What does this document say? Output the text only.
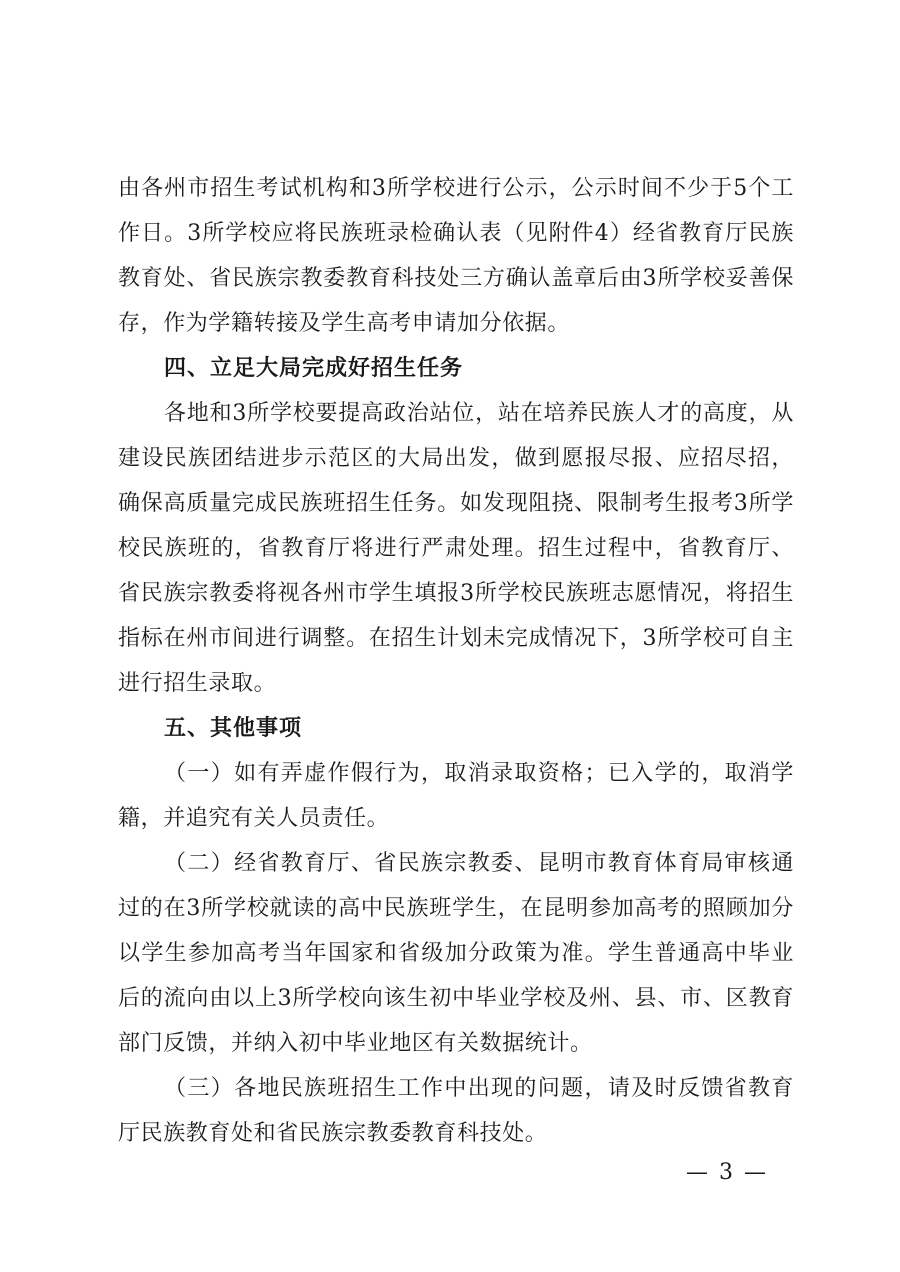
由各州市招生考试机构和3所学校进行公示，公示时间不少于5个工作日。3所学校应将民族班录检确认表（见附件4）经省教育厅民族教育处、省民族宗教委教育科技处三方确认盖章后由3所学校妥善保存，作为学籍转接及学生高考申请加分依据。

四、立足大局完成好招生任务

各地和3所学校要提高政治站位，站在培养民族人才的高度，从建设民族团结进步示范区的大局出发，做到愿报尽报、应招尽招，确保高质量完成民族班招生任务。如发现阻挠、限制考生报考3所学校民族班的，省教育厅将进行严肃处理。招生过程中，省教育厅、省民族宗教委将视各州市学生填报3所学校民族班志愿情况，将招生指标在州市间进行调整。在招生计划未完成情况下，3所学校可自主进行招生录取。

五、其他事项

（一）如有弄虚作假行为，取消录取资格；已入学的，取消学籍，并追究有关人员责任。

（二）经省教育厅、省民族宗教委、昆明市教育体育局审核通过的在3所学校就读的高中民族班学生，在昆明参加高考的照顾加分以学生参加高考当年国家和省级加分政策为准。学生普通高中毕业后的流向由以上3所学校向该生初中毕业学校及州、县、市、区教育部门反馈，并纳入初中毕业地区有关数据统计。

（三）各地民族班招生工作中出现的问题，请及时反馈省教育厅民族教育处和省民族宗教委教育科技处。

— 3 —
